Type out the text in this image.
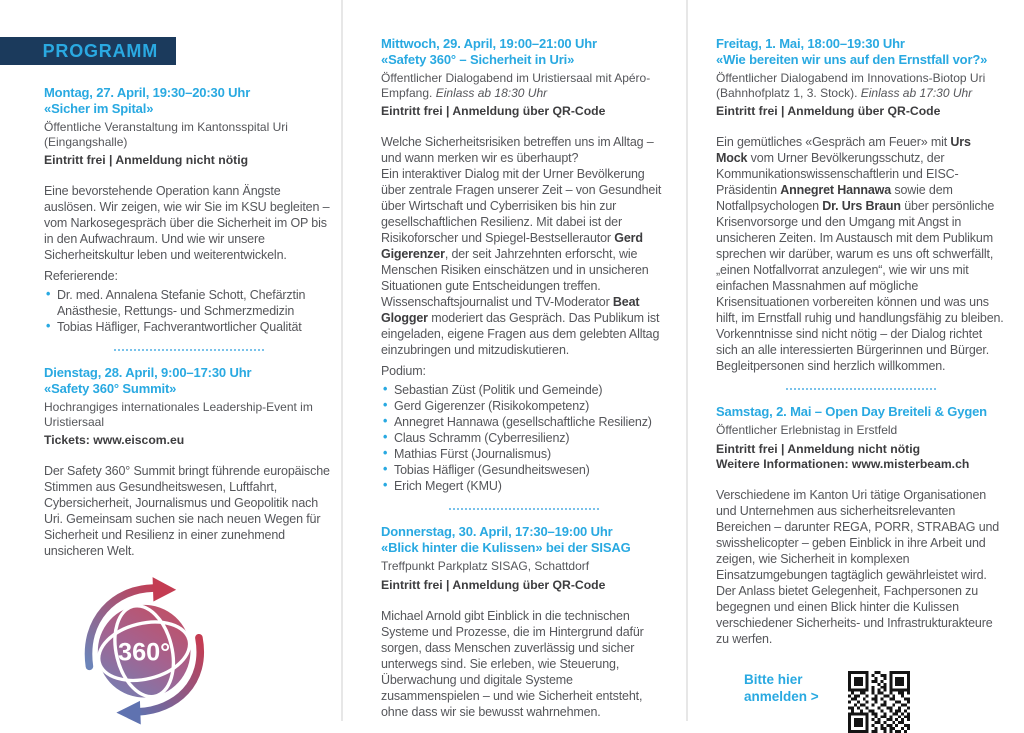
PROGRAMM
Montag, 27. April, 19:30–20:30 Uhr
«Sicher im Spital»

Öffentliche Veranstaltung im Kantonsspital Uri (Eingangshalle)

Eintritt frei | Anmeldung nicht nötig

Eine bevorstehende Operation kann Ängste auslösen. Wir zeigen, wie wir Sie im KSU begleiten – vom Narkosegespräch über die Sicherheit im OP bis in den Aufwachraum. Und wie wir unsere Sicherheitskultur leben und weiterentwickeln.

Referierende:

• Dr. med. Annalena Stefanie Schott, Chefärztin Anästhesie, Rettungs- und Schmerzmedizin
• Tobias Häfliger, Fachverantwortlicher Qualität
Dienstag, 28. April, 9:00–17:30 Uhr
«Safety 360° Summit»

Hochrangiges internationales Leadership-Event im Uristiersaal

Tickets: www.eiscom.eu

Der Safety 360° Summit bringt führende europäische Stimmen aus Gesundheitswesen, Luftfahrt, Cybersicherheit, Journalismus und Geopolitik nach Uri. Gemeinsam suchen sie nach neuen Wegen für Sicherheit und Resilienz in einer zunehmend unsicheren Welt.

360°
Mittwoch, 29. April, 19:00–21:00 Uhr
«Safety 360° – Sicherheit in Uri»

Öffentlicher Dialogabend im Uristiersaal mit Apéro-Empfang. Einlass ab 18:30 Uhr

Eintritt frei | Anmeldung über QR-Code

Welche Sicherheitsrisiken betreffen uns im Alltag – und wann merken wir es überhaupt?
Ein interaktiver Dialog mit der Urner Bevölkerung über zentrale Fragen unserer Zeit – von Gesundheit über Wirtschaft und Cyberrisiken bis hin zur gesellschaftlichen Resilienz. Mit dabei ist der Risikoforscher und Spiegel-Bestsellerautor Gerd Gigerenzer, der seit Jahrzehnten erforscht, wie Menschen Risiken einschätzen und in unsicheren Situationen gute Entscheidungen treffen. Wissenschaftsjournalist und TV-Moderator Beat Glogger moderiert das Gespräch. Das Publikum ist eingeladen, eigene Fragen aus dem gelebten Alltag einzubringen und mitzudiskutieren.

Podium:

• Sebastian Züst (Politik und Gemeinde)
• Gerd Gigerenzer (Risikokompetenz)
• Annegret Hannawa (gesellschaftliche Resilienz)
• Claus Schramm (Cyberresilienz)
• Mathias Fürst (Journalismus)
• Tobias Häfliger (Gesundheitswesen)
• Erich Megert (KMU)
Donnerstag, 30. April, 17:30–19:00 Uhr
«Blick hinter die Kulissen» bei der SISAG

Treffpunkt Parkplatz SISAG, Schattdorf

Eintritt frei | Anmeldung über QR-Code

Michael Arnold gibt Einblick in die technischen Systeme und Prozesse, die im Hintergrund dafür sorgen, dass Menschen zuverlässig und sicher unterwegs sind. Sie erleben, wie Steuerung, Überwachung und digitale Systeme zusammenspielen – und wie Sicherheit entsteht, ohne dass wir sie bewusst wahrnehmen.

Freitag, 1. Mai, 18:00–19:30 Uhr
«Wie bereiten wir uns auf den Ernstfall vor?»

Öffentlicher Dialogabend im Innovations-Biotop Uri (Bahnhofplatz 1, 3. Stock). Einlass ab 17:30 Uhr

Eintritt frei | Anmeldung über QR-Code

Ein gemütliches «Gespräch am Feuer» mit Urs Mock vom Urner Bevölkerungsschutz, der Kommunikationswissenschaftlerin und EISC-Präsidentin Annegret Hannawa sowie dem Notfallpsychologen Dr. Urs Braun über persönliche Krisenvorsorge und den Umgang mit Angst in unsicheren Zeiten. Im Austausch mit dem Publikum sprechen wir darüber, warum es uns oft schwerfällt, „einen Notfallvorrat anzulegen“, wie wir uns mit einfachen Massnahmen auf mögliche Krisensituationen vorbereiten können und was uns hilft, im Ernstfall ruhig und handlungsfähig zu bleiben. Vorkenntnisse sind nicht nötig – der Dialog richtet sich an alle interessierten Bürgerinnen und Bürger. Begleitpersonen sind herzlich willkommen.

Samstag, 2. Mai – Open Day Breiteli & Gygen

Öffentlicher Erlebnistag in Erstfeld

Eintritt frei | Anmeldung nicht nötig

Weitere Informationen: www.misterbeam.ch

Verschiedene im Kanton Uri tätige Organisationen und Unternehmen aus sicherheitsrelevanten Bereichen – darunter REGA, PORR, STRABAG und swisshelicopter – geben Einblick in ihre Arbeit und zeigen, wie Sicherheit in komplexen Einsatzumgebungen tagtäglich gewährleistet wird. Der Anlass bietet Gelegenheit, Fachpersonen zu begegnen und einen Blick hinter die Kulissen verschiedener Sicherheits- und Infrastrukturakteure zu werfen.

Bitte hier
anmelden >
